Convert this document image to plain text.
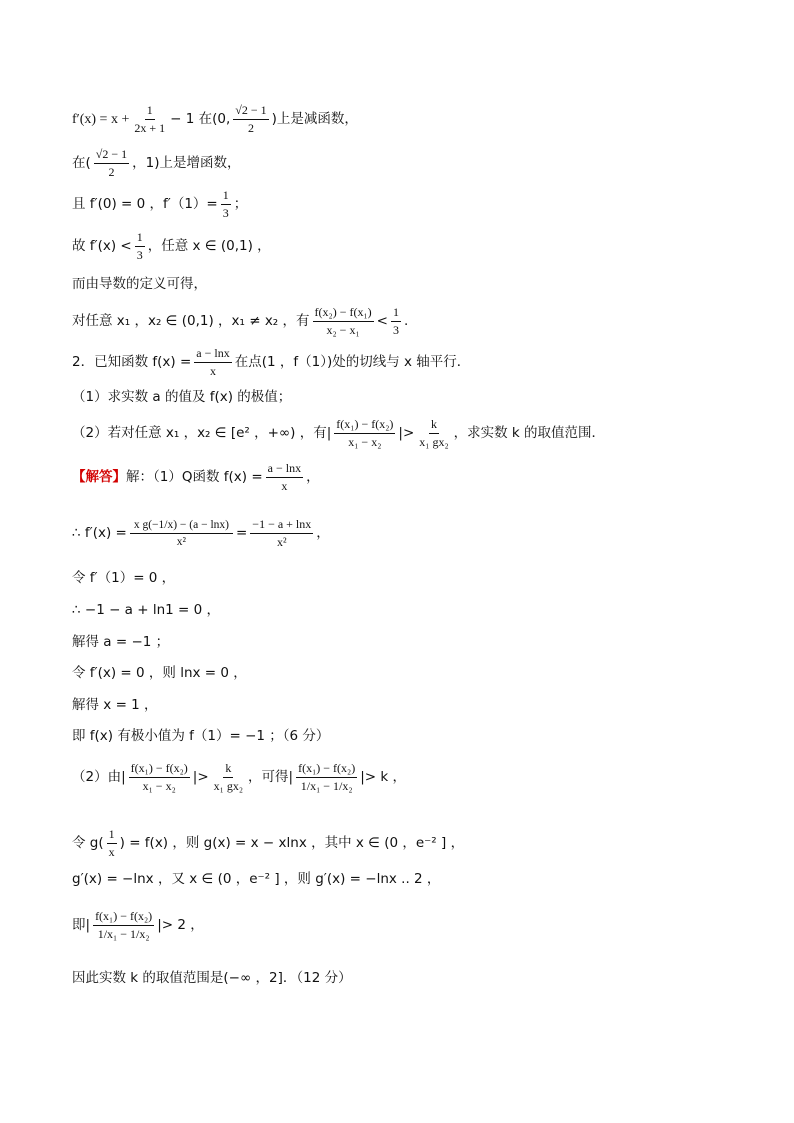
$f'(x) = x + \frac{1}{2x + 1} - 1$ 在(0, $\frac{√2 - 1}{2}$ )上是减函数，
在( $\frac{√2 - 1}{2}$ ，1)上是增函数，
且 f′(0) = 0 ，$f'(1)= \frac{1}{3}$ ；
故 $f'(x) < \frac{1}{3}$ ，任意 x ∈ (0,1) ，
而由导数的定义可得，
对任意 x₁ ，x₂ ∈ (0,1) ，x₁ ≠ x₂ ，有 $\frac{\text{f(x₂) − f(x₁)}}{\text{x₂ − x₁}} < \frac{1}{3}$ .
2．已知函数 $f(x) = \frac{a - \ln x}{x}$ 在点(1 ，f（1）)处的切线与 x 轴平行．
（1）求实数 a 的值及 f(x) 的极值；
（2）若对任意 x₁ ，x₂ ∈ [e² ，+∞) ，有| $\frac{\text{f(x₁) − f(x₂)}}{\text{x₁ − x₂}}$ |> $\frac{k}{\text{x₁ gx₂}}$ ，求实数 k 的取值范围．
【解答】 解：（1）Q函数 $f(x) = \frac{a - \ln x}{x}$ ，
∴ $f'(x) = \frac{\text{x g(−1/x) − (a − lnx)}}{\text{x²}} = \frac{-1 - a + \ln x}{\text{x²}}$ ，
令 f′（1）= 0 ，
∴ −1 − a + ln1 = 0 ，
解得 a = −1 ；
令 f′(x) = 0 ，则 lnx = 0 ，
解得 x = 1 ，
即 f(x) 有极小值为 f（1）= −1 ；（6 分）
（2）由| $\frac{\text{f(x₁) − f(x₂)}}{\text{x₁ − x₂}}$ |> $\frac{k}{\text{x₁ gx₂}}$ ，可得| $\frac{\text{f(x₁) − f(x₂)}}{\text{1/x₁ − 1/x₂}}$ |> k ，
令 $g( \frac{1}{x}$ ) = f(x) ，则 g(x) = x − xlnx ，其中 x ∈ (0 ，e⁻² ] ，
g′(x) = −lnx ，又 x ∈ (0 ，e⁻² ] ，则 g′(x) = −lnx .. 2 ，
即| $\frac{\text{f(x₁) − f(x₂)}}{\text{1/x₁ − 1/x₂}}$ |> 2 ，
因此实数 k 的取值范围是(−∞ ，2]．（12 分）
